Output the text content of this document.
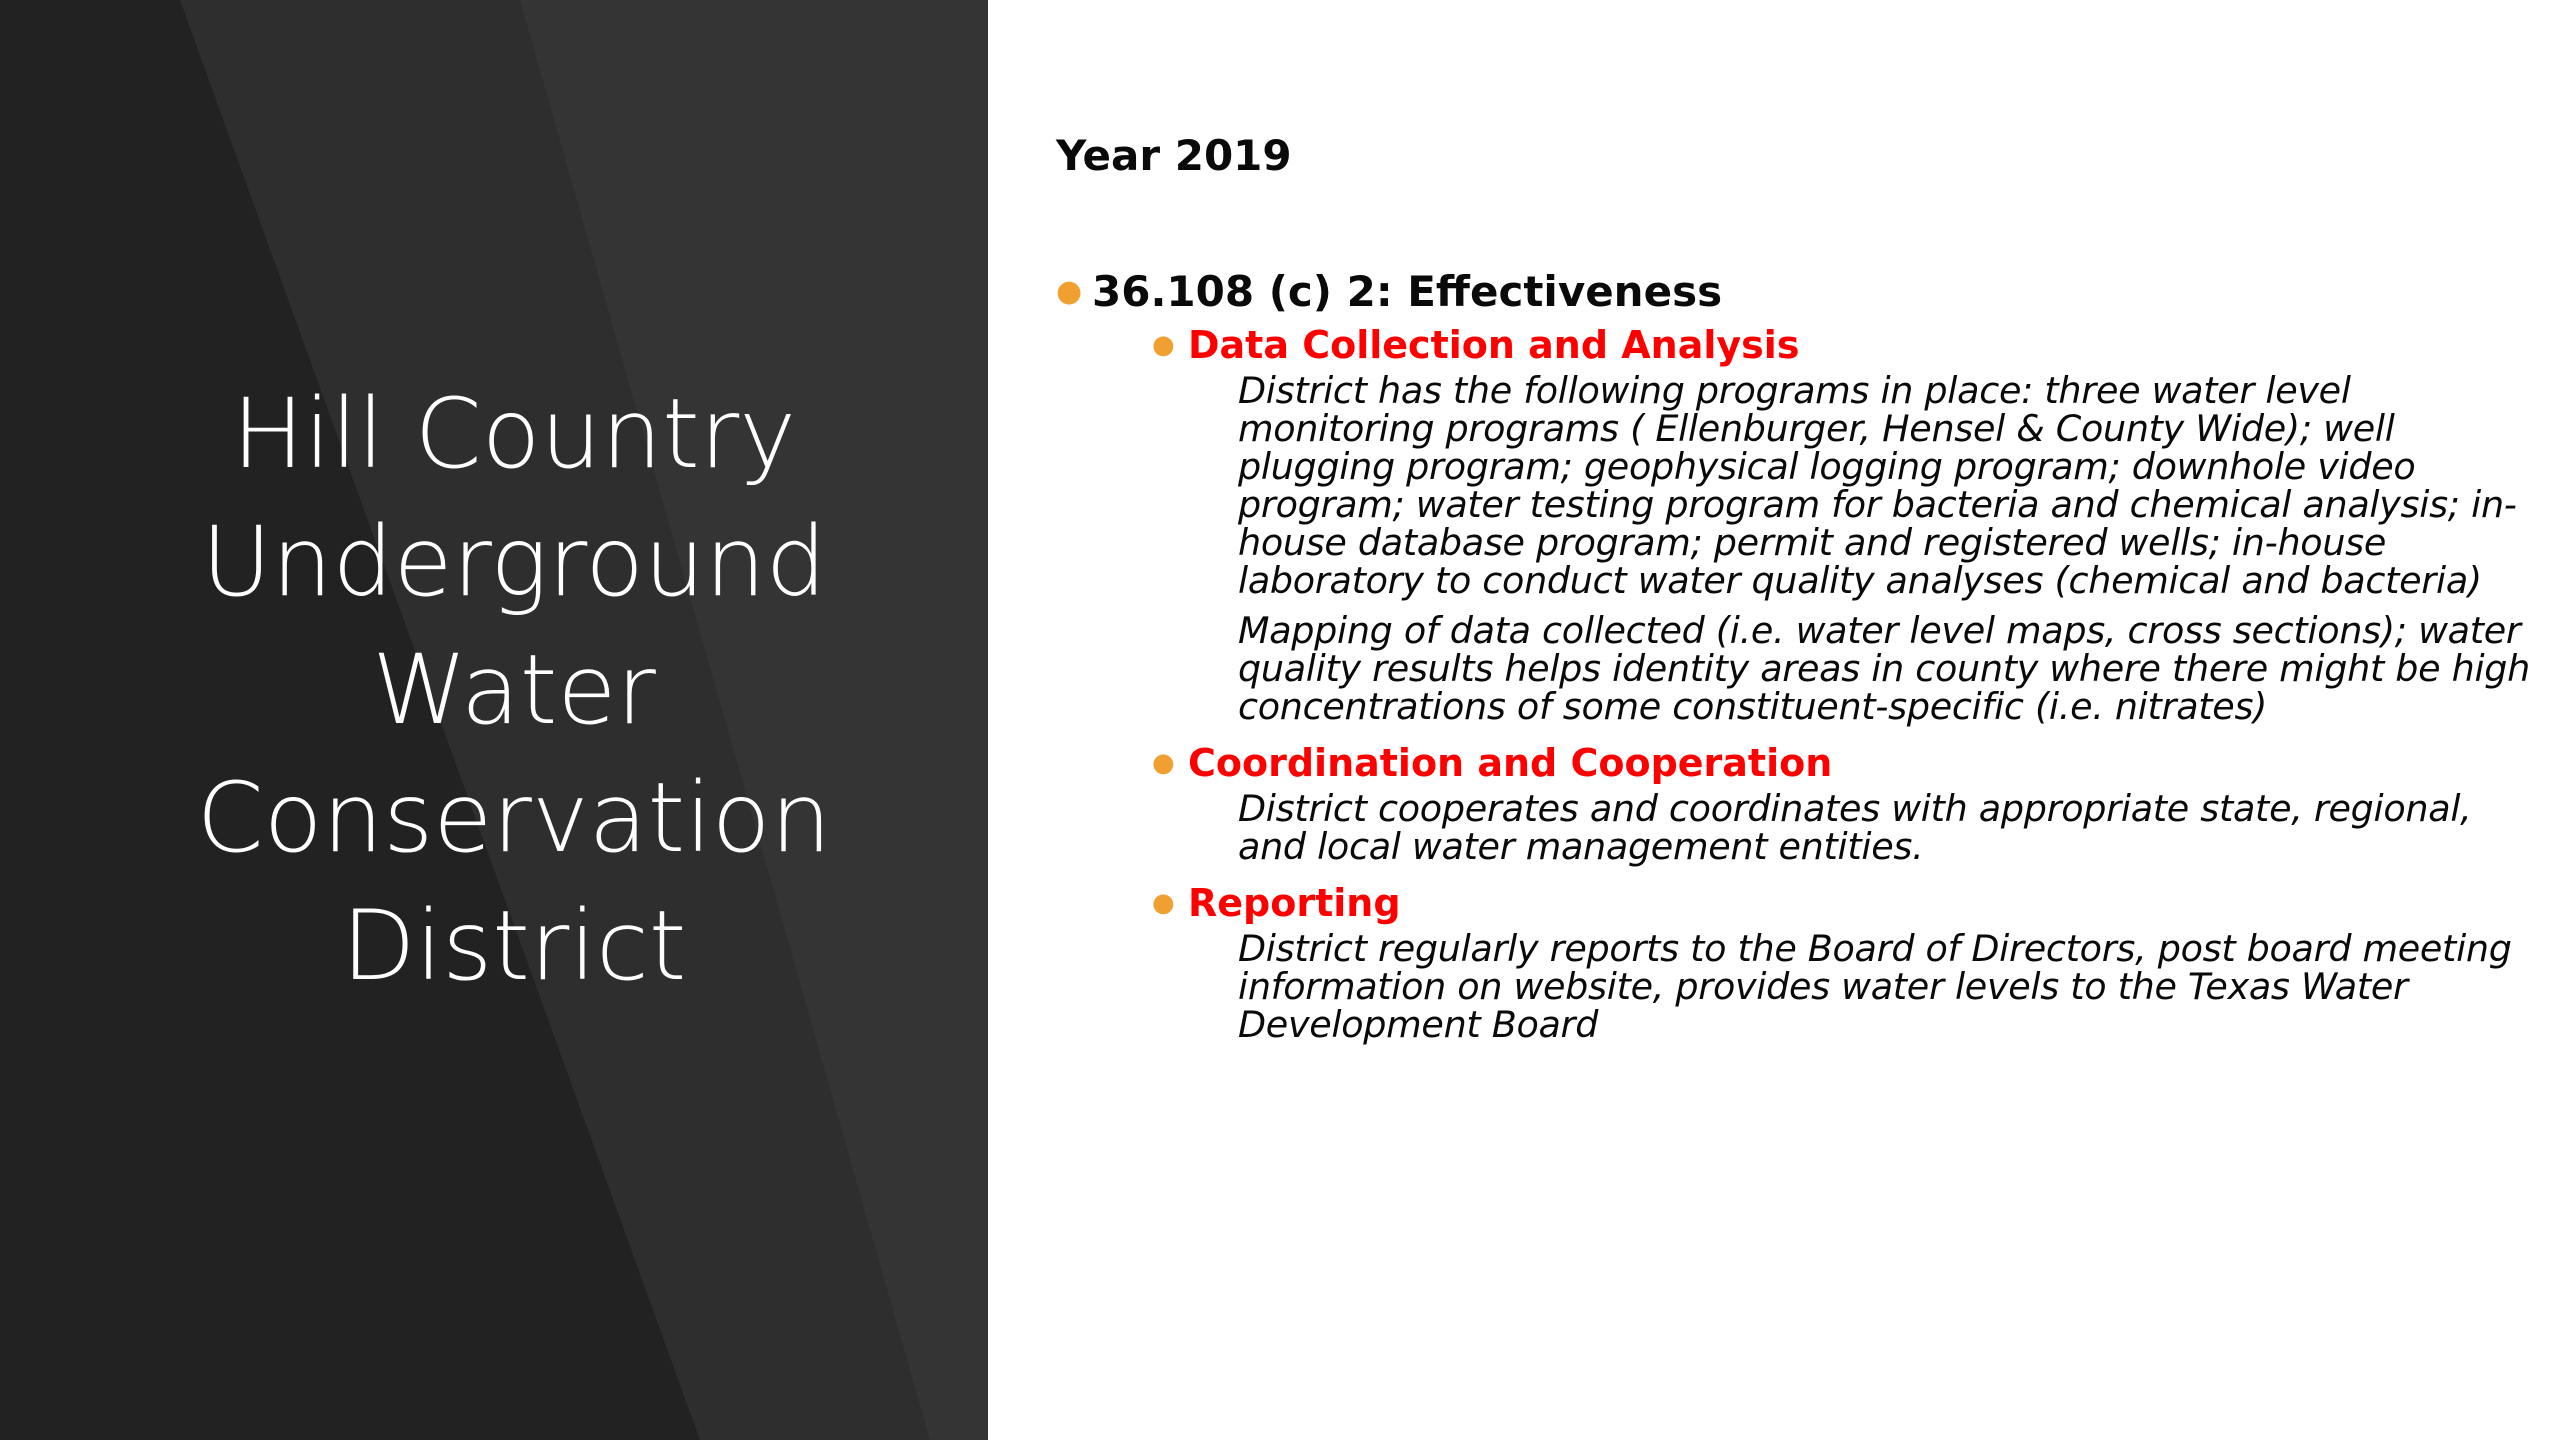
Hill Country
Underground
Water
Conservation
District
Year 2019
● 36.108 (c) 2: Effectiveness
● Data Collection and Analysis
District has the following programs in place: three water level
monitoring programs ( Ellenburger, Hensel & County Wide); well
plugging program; geophysical logging program; downhole video
program; water testing program for bacteria and chemical analysis; in-
house database program; permit and registered wells; in-house
laboratory to conduct water quality analyses (chemical and bacteria)
Mapping of data collected (i.e. water level maps, cross sections); water
quality results helps identity areas in county where there might be high
concentrations of some constituent-specific (i.e. nitrates)
● Coordination and Cooperation
District cooperates and coordinates with appropriate state, regional,
and local water management entities.
● Reporting
District regularly reports to the Board of Directors, post board meeting
information on website, provides water levels to the Texas Water
Development Board
